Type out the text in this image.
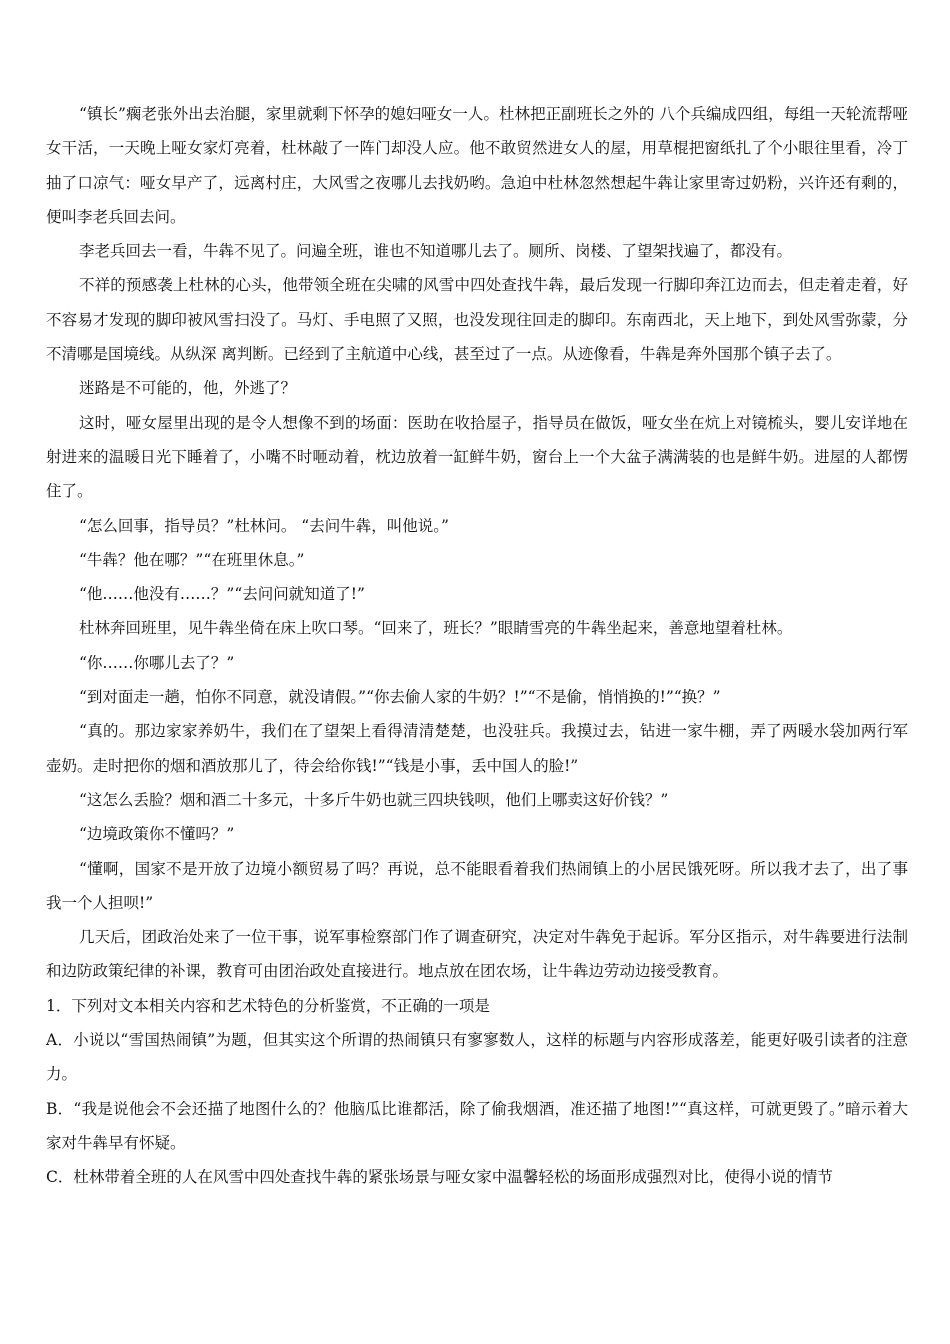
“镇长”瘸老张外出去治腿，家里就剩下怀孕的媳妇哑女一人。杜林把正副班长之外的 八个兵编成四组，每组一天轮流帮哑女干活，一天晚上哑女家灯亮着，杜林敲了一阵门却没人应。他不敢贸然进女人的屋，用草棍把窗纸扎了个小眼往里看，冷丁抽了口凉气：哑女早产了，远离村庄，大风雪之夜哪儿去找奶哟。急迫中杜林忽然想起牛犇让家里寄过奶粉，兴许还有剩的，便叫李老兵回去问。

李老兵回去一看，牛犇不见了。问遍全班，谁也不知道哪儿去了。厕所、岗楼、了望架找遍了，都没有。

不祥的预感袭上杜林的心头，他带领全班在尖啸的风雪中四处查找牛犇，最后发现一行脚印奔江边而去，但走着走着，好不容易才发现的脚印被风雪扫没了。马灯、手电照了又照，也没发现往回走的脚印。东南西北，天上地下，到处风雪弥蒙，分不清哪是国境线。从纵深 离判断。已经到了主航道中心线，甚至过了一点。从迹像看，牛犇是奔外国那个镇子去了。

迷路是不可能的，他，外逃了？

这时，哑女屋里出现的是令人想像不到的场面：医助在收拾屋子，指导员在做饭，哑女坐在炕上对镜梳头，婴儿安详地在射进来的温暖日光下睡着了，小嘴不时咂动着，枕边放着一缸鲜牛奶，窗台上一个大盆子满满装的也是鲜牛奶。进屋的人都愣住了。

“怎么回事，指导员？”杜林问。 “去问牛犇，叫他说。”

“牛犇？他在哪？”“在班里休息。”

“他……他没有……？”“去问问就知道了!”

杜林奔回班里，见牛犇坐倚在床上吹口琴。“回来了，班长？”眼睛雪亮的牛犇坐起来，善意地望着杜林。

“你……你哪儿去了？”

“到对面走一趟，怕你不同意，就没请假。”“你去偷人家的牛奶？!”“不是偷，悄悄换的!”“换？”

“真的。那边家家养奶牛，我们在了望架上看得清清楚楚，也没驻兵。我摸过去，钻进一家牛棚，弄了两暖水袋加两行军壶奶。走时把你的烟和酒放那儿了，待会给你钱!”“钱是小事，丢中国人的脸!”

“这怎么丢脸？烟和酒二十多元，十多斤牛奶也就三四块钱呗，他们上哪卖这好价钱？”

“边境政策你不懂吗？”

“懂啊，国家不是开放了边境小额贸易了吗？再说，总不能眼看着我们热闹镇上的小居民饿死呀。所以我才去了，出了事我一个人担呗!”

几天后，团政治处来了一位干事，说军事检察部门作了调查研究，决定对牛犇免于起诉。军分区指示，对牛犇要进行法制和边防政策纪律的补课，教育可由团治政处直接进行。地点放在团农场，让牛犇边劳动边接受教育。

1．下列对文本相关内容和艺术特色的分析鉴赏，不正确的一项是

A．小说以“雪国热闹镇”为题，但其实这个所谓的热闹镇只有寥寥数人，这样的标题与内容形成落差，能更好吸引读者的注意力。

B．“我是说他会不会还描了地图什么的？他脑瓜比谁都活，除了偷我烟酒，准还描了地图!”“真这样，可就更毁了。”暗示着大家对牛犇早有怀疑。

C．杜林带着全班的人在风雪中四处查找牛犇的紧张场景与哑女家中温馨轻松的场面形成强烈对比，使得小说的情节
